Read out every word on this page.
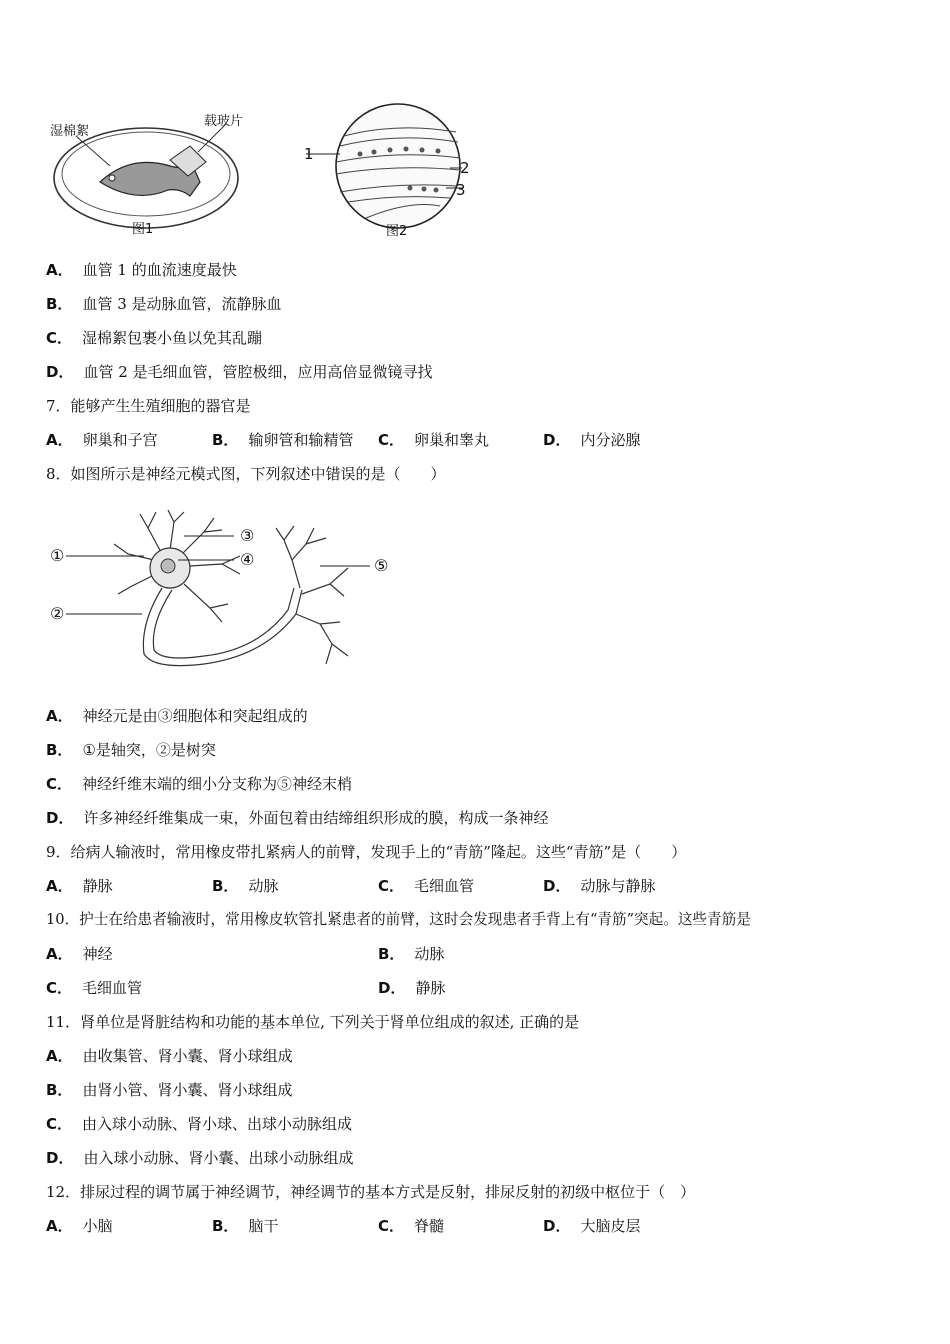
湿棉絮
载玻片
图1
1
2
3
图2
A． 血管 1 的血流速度最快
B． 血管 3 是动脉血管，流静脉血
C． 湿棉絮包裹小鱼以免其乱蹦
D． 血管 2 是毛细血管，管腔极细，应用高倍显微镜寻找
7．能够产生生殖细胞的器官是
A． 卵巢和子宫	B． 输卵管和输精管 C． 卵巢和睾丸	D． 内分泌腺
8．如图所示是神经元模式图，下列叙述中错误的是（　　）
①
②
③
④	⑤
A． 神经元是由③细胞体和突起组成的
B． ①是轴突，②是树突
C． 神经纤维末端的细小分支称为⑤神经末梢
D． 许多神经纤维集成一束，外面包着由结缔组织形成的膜，构成一条神经
9．给病人输液时，常用橡皮带扎紧病人的前臂，发现手上的“青筋”隆起。这些“青筋”是（　　）
A． 静脉	B． 动脉	C． 毛细血管	D． 动脉与静脉
10．护士在给患者输液时，常用橡皮软管扎紧患者的前臂，这时会发现患者手背上有“青筋”突起。这些青筋是
A． 神经	B． 动脉
C． 毛细血管	D． 静脉
11．肾单位是肾脏结构和功能的基本单位, 下列关于肾单位组成的叙述, 正确的是
A． 由收集管、肾小囊、肾小球组成
B． 由肾小管、肾小囊、肾小球组成
C． 由入球小动脉、肾小球、出球小动脉组成
D． 由入球小动脉、肾小囊、出球小动脉组成
12．排尿过程的调节属于神经调节，神经调节的基本方式是反射，排尿反射的初级中枢位于（　）
A． 小脑	B． 脑干	C． 脊髓	D． 大脑皮层
